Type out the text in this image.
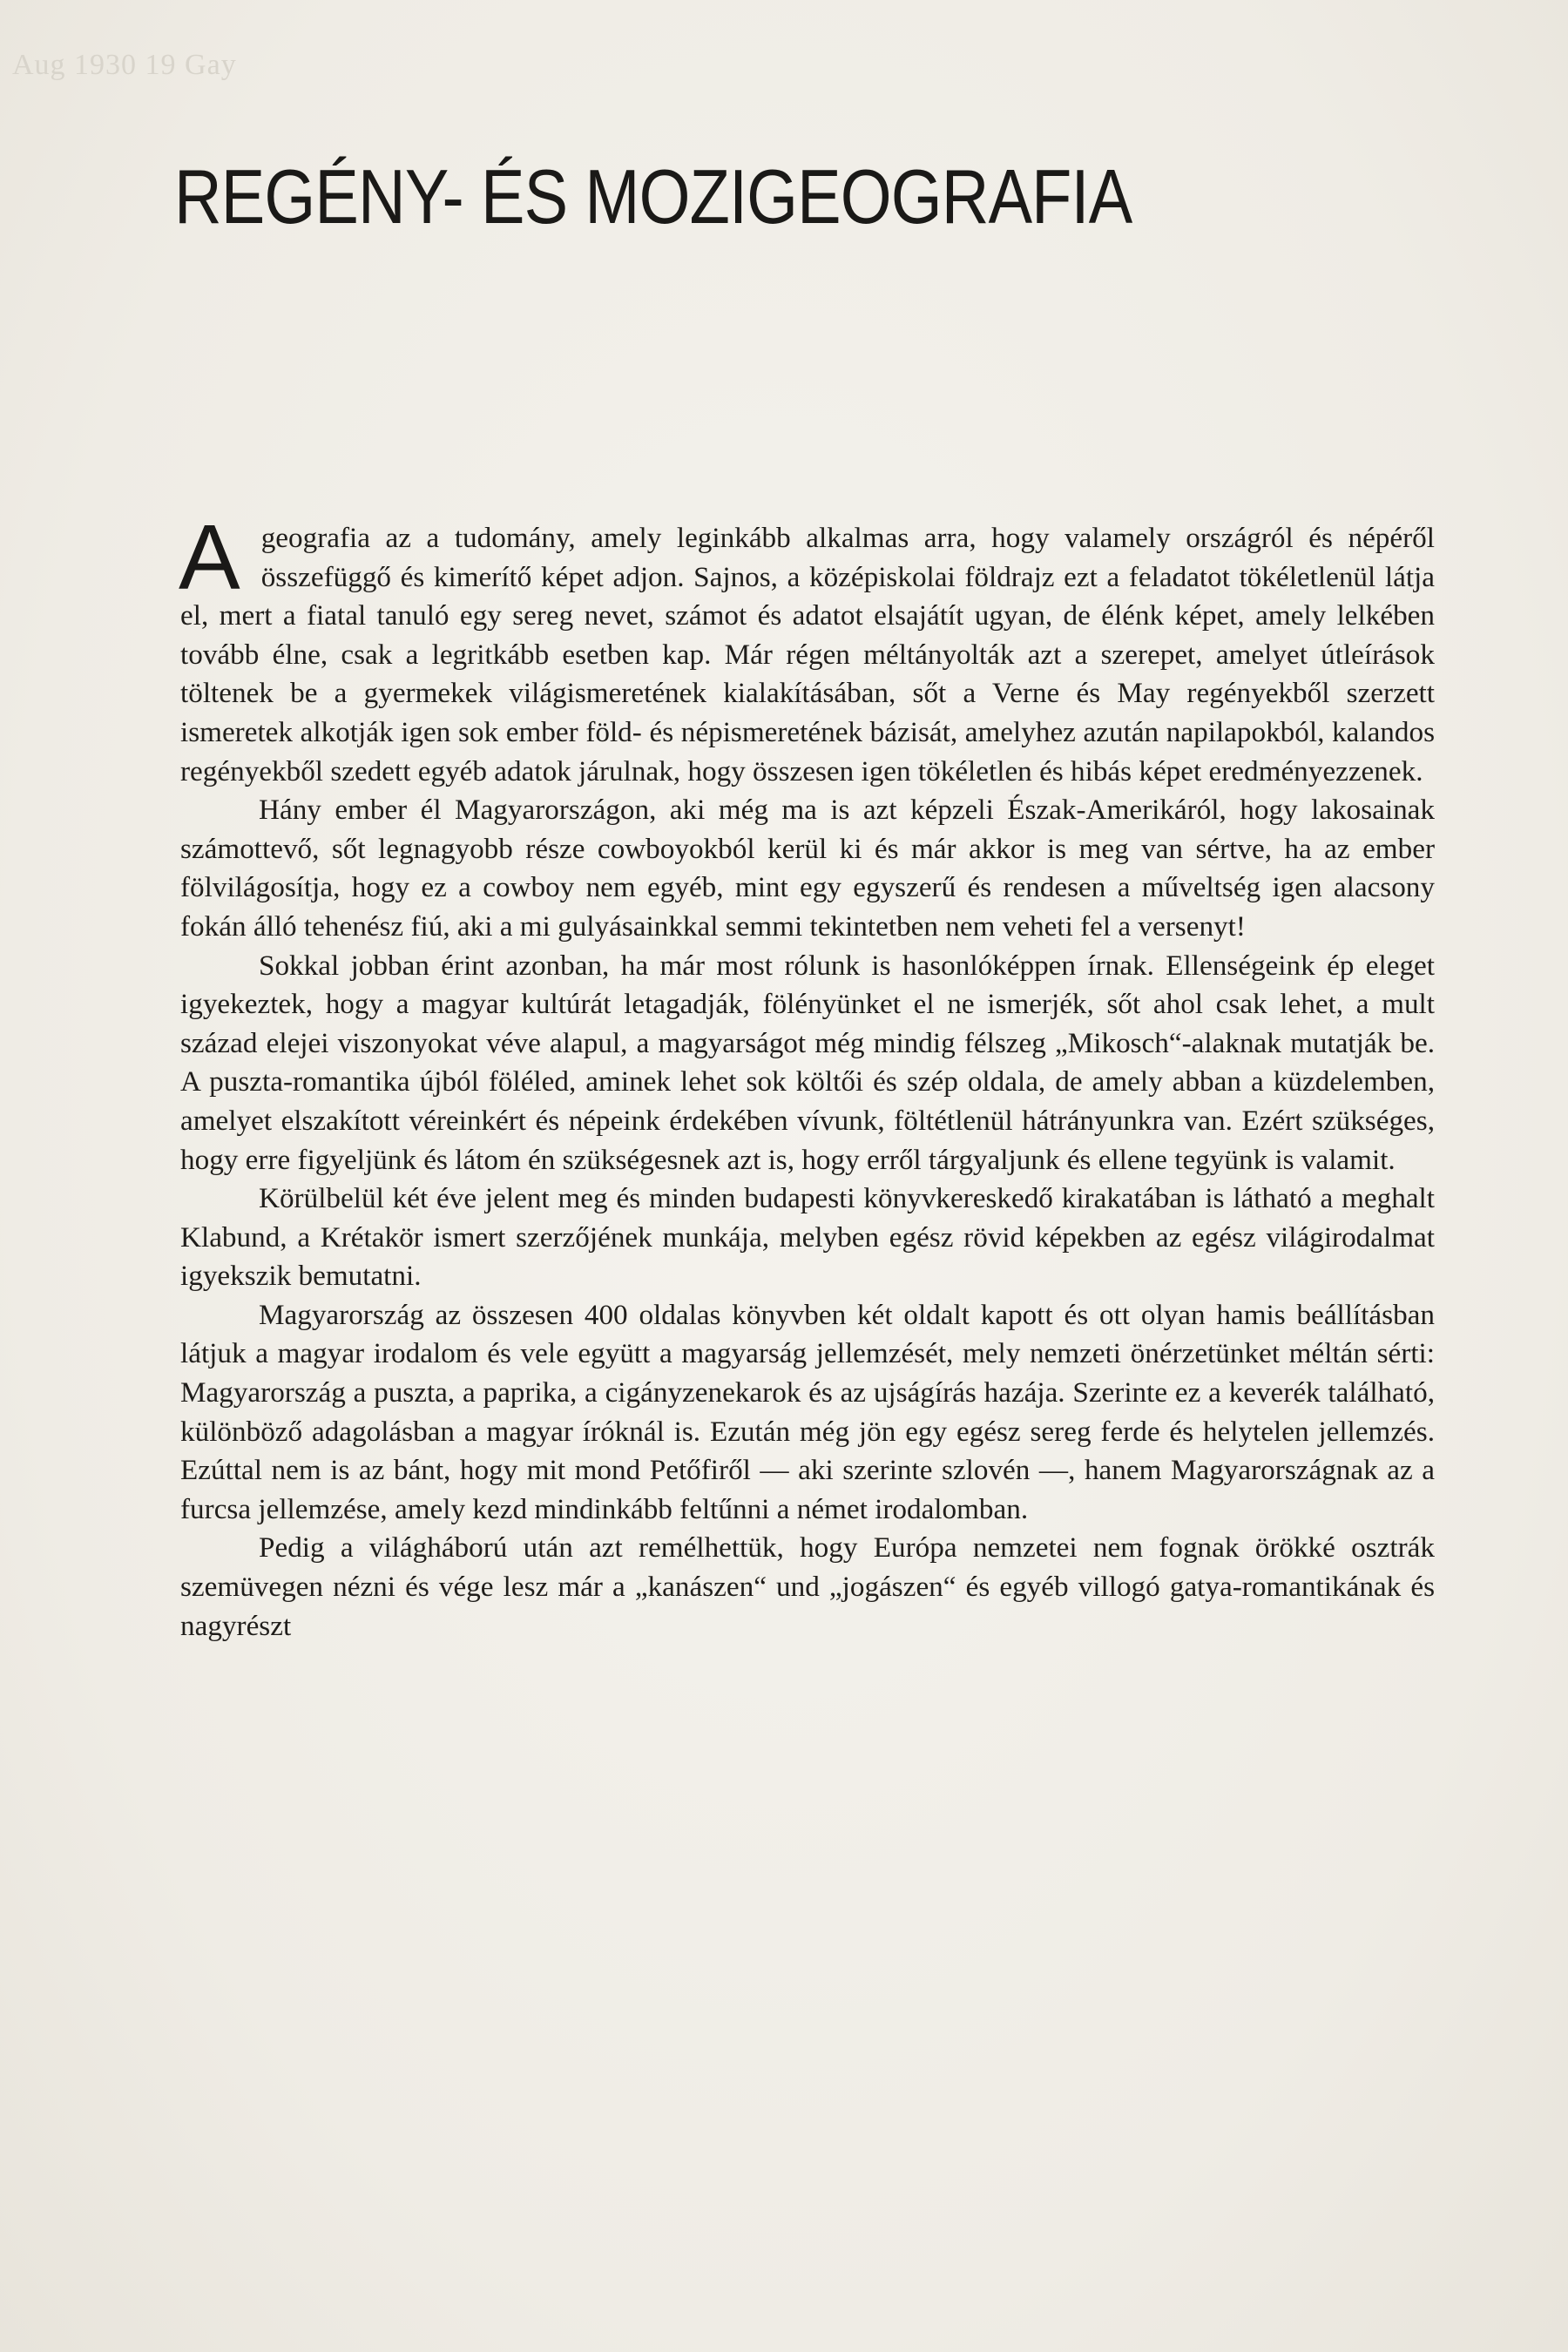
Aug 1930 19 Gay
REGÉNY- ÉS MOZIGEOGRAFIA

A geografia az a tudomány, amely leginkább alkalmas arra, hogy valamely országról és népéről összefüggő és kimerítő képet adjon. Sajnos, a középiskolai földrajz ezt a feladatot tökéletlenül látja el, mert a fiatal tanuló egy sereg nevet, számot és adatot elsajátít ugyan, de élénk képet, amely lelkében tovább élne, csak a legritkább esetben kap. Már régen méltányolták azt a szerepet, amelyet útleírások töltenek be a gyermekek világismeretének kialakításában, sőt a Verne és May regényekből szerzett ismeretek alkotják igen sok ember föld- és népismeretének bázisát, amelyhez azután napilapokból, kalandos regényekből szedett egyéb adatok járulnak, hogy összesen igen tökéletlen és hibás képet eredményezzenek.

Hány ember él Magyarországon, aki még ma is azt képzeli Észak-Amerikáról, hogy lakosainak számottevő, sőt legnagyobb része cowboyokból kerül ki és már akkor is meg van sértve, ha az ember fölvilágosítja, hogy ez a cowboy nem egyéb, mint egy egyszerű és rendesen a műveltség igen alacsony fokán álló tehenész fiú, aki a mi gulyásainkkal semmi tekintetben nem veheti fel a versenyt!

Sokkal jobban érint azonban, ha már most rólunk is hasonlóképpen írnak. Ellenségeink ép eleget igyekeztek, hogy a magyar kultúrát letagadják, fölényünket el ne ismerjék, sőt ahol csak lehet, a mult század elejei viszonyokat véve alapul, a magyarságot még mindig félszeg „Mikosch“-alaknak mutatják be. A puszta-romantika újból föléled, aminek lehet sok költői és szép oldala, de amely abban a küzdelemben, amelyet elszakított véreinkért és népeink érdekében vívunk, föltétlenül hátrányunkra van. Ezért szükséges, hogy erre figyeljünk és látom én szükségesnek azt is, hogy erről tárgyaljunk és ellene tegyünk is valamit.

Körülbelül két éve jelent meg és minden budapesti könyvkereskedő kirakatában is látható a meghalt Klabund, a Krétakör ismert szerzőjének munkája, melyben egész rövid képekben az egész világirodalmat igyekszik bemutatni.

Magyarország az összesen 400 oldalas könyvben két oldalt kapott és ott olyan hamis beállításban látjuk a magyar irodalom és vele együtt a magyarság jellemzését, mely nemzeti önérzetünket méltán sérti: Magyarország a puszta, a paprika, a cigányzenekarok és az ujságírás hazája. Szerinte ez a keverék található, különböző adagolásban a magyar íróknál is. Ezután még jön egy egész sereg ferde és helytelen jellemzés. Ezúttal nem is az bánt, hogy mit mond Petőfiről — aki szerinte szlovén —, hanem Magyarországnak az a furcsa jellemzése, amely kezd mindinkább feltűnni a német irodalomban.

Pedig a világháború után azt remélhettük, hogy Európa nemzetei nem fognak örökké osztrák szemüvegen nézni és vége lesz már a „kanászen“ und „jogászen“ és egyéb villogó gatya-romantikának és nagyrészt
